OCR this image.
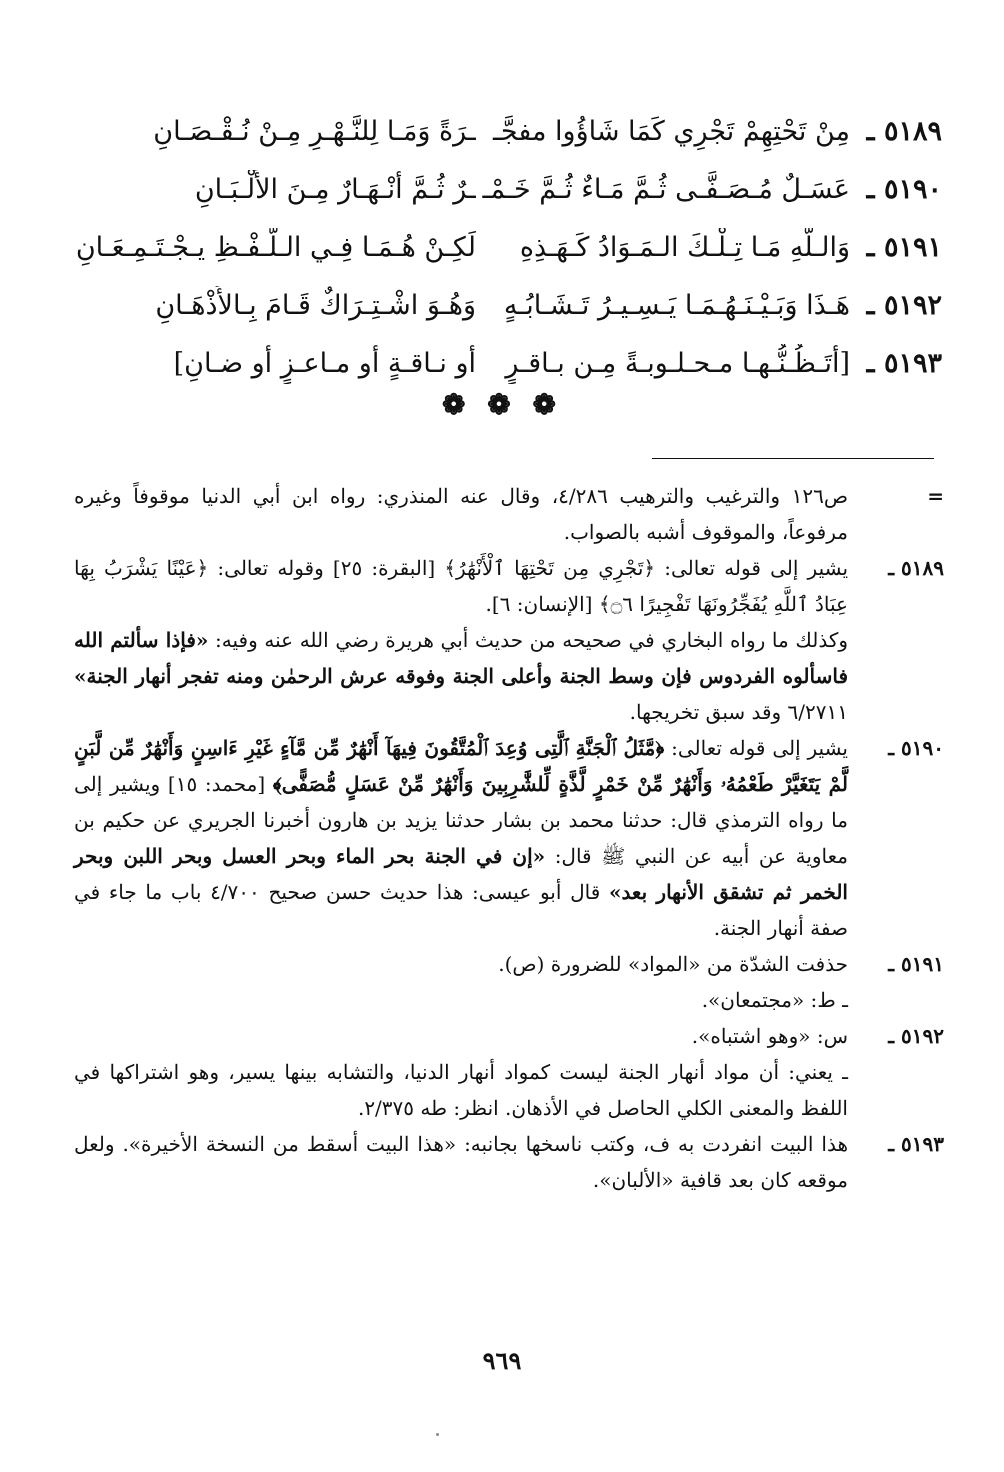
٥١٨٩ ـ
مِنْ تَحْتِهِمْ تَجْرِي كَمَا شَاؤُوا مفجَّـ
ـرَةً وَمَـا لِلنَّـهْـرِ مِـنْ نُـقْـصَـانِ
٥١٩٠ ـ
عَسَـلٌ مُـصَـفَّـى ثُـمَّ مَـاءٌ ثُـمَّ خَـمْـ
ـرٌ ثُـمَّ أَنْـهَـارٌ مِـنَ الأَلْـبَـانِ
٥١٩١ ـ
وَالـلَّهِ مَـا تِـلْـكَ الـمَـوَادُ كَـهَـذِهِ
لَكِـنْ هُـمَـا فِـي الـلَّـفْـظِ يـجْـتَـمِـعَـانِ
٥١٩٢ ـ
هَـذَا وَبَـيْـنَـهُـمَـا يَـسِـيـرُ تَـشَـابُـهٍ
وَهُـوَ اشْـتِـرَاكٌ قَـامَ بِـالأَذْهَـانِ
٥١٩٣ ـ
[أتَـظُـنُّـهـا مـحـلـوبـةً مِـن بـاقـرٍ
أو نـاقـةٍ أو مـاعـزٍ أو ضـانِ]
❁ ❁ ❁
=
ص١٢٦ والترغيب والترهيب ٤/٢٨٦، وقال عنه المنذري: رواه ابن أبي الدنيا موقوفاً وغيره مرفوعاً، والموقوف أشبه بالصواب.
٥١٨٩ ـ
يشير إلى قوله تعالى: ﴿تَجْرِي مِن تَحْتِهَا ٱلْأَنْهَٰرُ﴾ [البقرة: ٢٥] وقوله تعالى: ﴿عَيْنًا يَشْرَبُ بِهَا عِبَادُ ٱللَّهِ يُفَجِّرُونَهَا تَفْجِيرًا ۝٦﴾ [الإنسان: ٦].
وكذلك ما رواه البخاري في صحيحه من حديث أبي هريرة رضي الله عنه وفيه: «فإذا سألتم الله فاسألوه الفردوس فإن وسط الجنة وأعلى الجنة وفوقه عرش الرحمٰن ومنه تفجر أنهار الجنة» ٦/٢٧١١ وقد سبق تخريجها.
٥١٩٠ ـ
يشير إلى قوله تعالى: ﴿مَّثَلُ ٱلْجَنَّةِ ٱلَّتِى وُعِدَ ٱلْمُتَّقُونَ فِيهَآ أَنْهَٰرٌ مِّن مَّآءٍ غَيْرِ ءَاسِنٍ وَأَنْهَٰرٌ مِّن لَّبَنٍ لَّمْ يَتَغَيَّرْ طَعْمُهُۥ وَأَنْهَٰرٌ مِّنْ خَمْرٍ لَّذَّةٍ لِّلشَّٰرِبِينَ وَأَنْهَٰرٌ مِّنْ عَسَلٍ مُّصَفًّى﴾ [محمد: ١٥] ويشير إلى ما رواه الترمذي قال: حدثنا محمد بن بشار حدثنا يزيد بن هارون أخبرنا الجريري عن حكيم بن معاوية عن أبيه عن النبي ﷺ قال: «إن في الجنة بحر الماء وبحر العسل وبحر اللبن وبحر الخمر ثم تشقق الأنهار بعد» قال أبو عيسى: هذا حديث حسن صحيح ٤/٧٠٠ باب ما جاء في صفة أنهار الجنة.
٥١٩١ ـ
حذفت الشدّة من «المواد» للضرورة (ص).
ـ ط: «مجتمعان».
٥١٩٢ ـ
س: «وهو اشتباه».
ـ يعني: أن مواد أنهار الجنة ليست كمواد أنهار الدنيا، والتشابه بينها يسير، وهو اشتراكها في اللفظ والمعنى الكلي الحاصل في الأذهان. انظر: طه ٢/٣٧٥.
٥١٩٣ ـ
هذا البيت انفردت به ف، وكتب ناسخها بجانبه: «هذا البيت أسقط من النسخة الأخيرة». ولعل موقعه كان بعد قافية «الألبان».
٩٦٩
